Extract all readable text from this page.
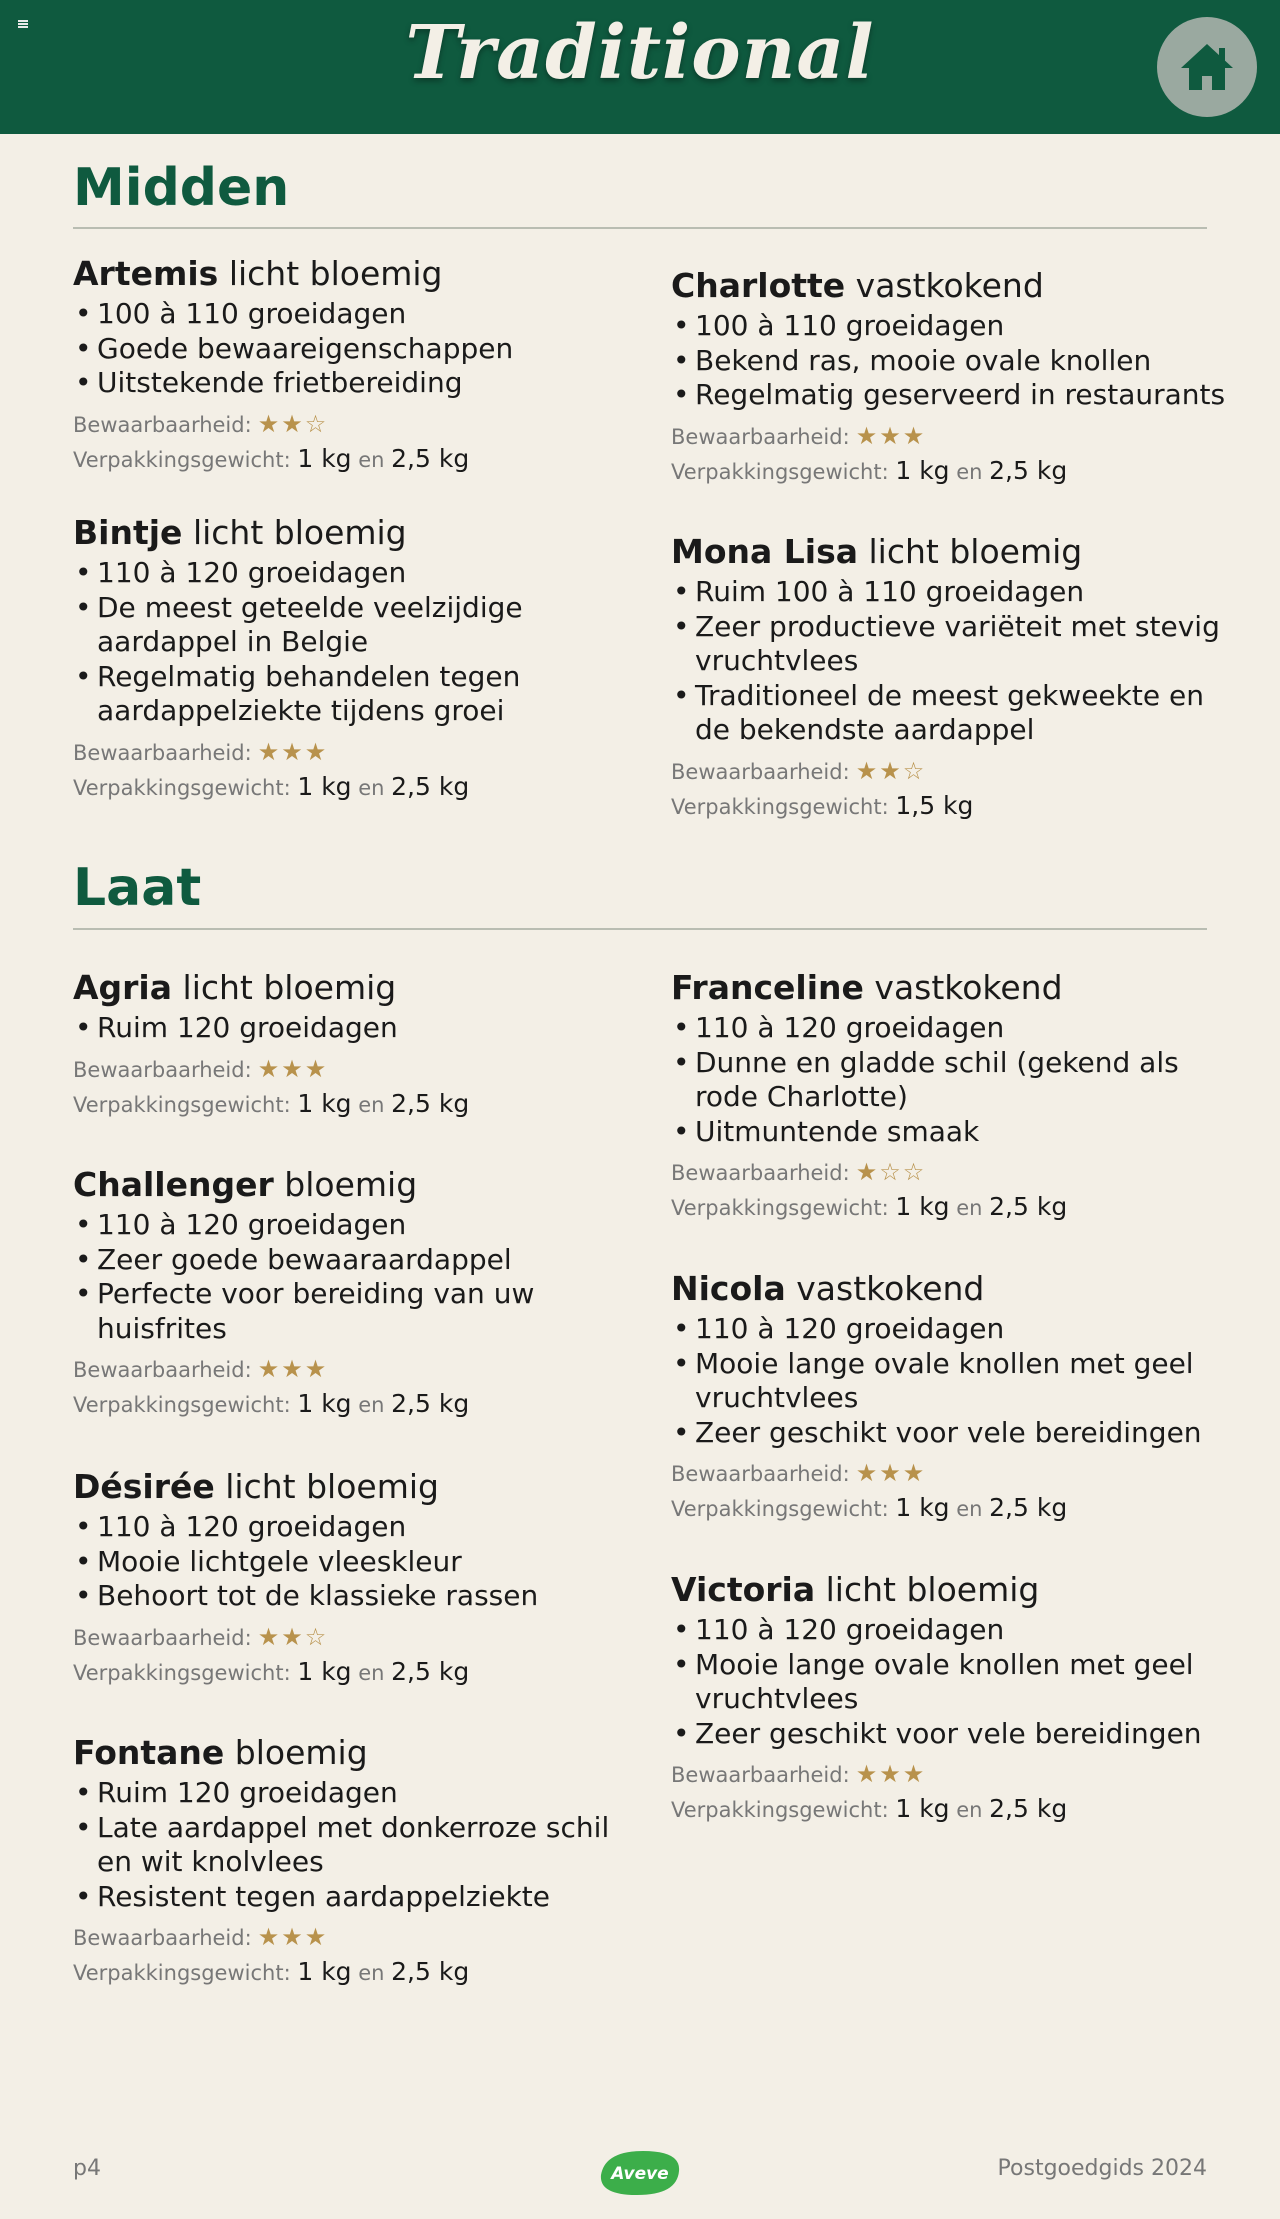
Traditional
Midden
Laat
Artemis licht bloemig
• 100 à 110 groeidagen
• Goede bewaareigenschappen
• Uitstekende frietbereiding
Bewaarbaarheid: ★★☆
Verpakkingsgewicht: 1 kg en 2,5 kg
Charlotte vastkokend
• 100 à 110 groeidagen
• Bekend ras, mooie ovale knollen
• Regelmatig geserveerd in restaurants
Bewaarbaarheid: ★★★
Verpakkingsgewicht: 1 kg en 2,5 kg
Bintje licht bloemig
• 110 à 120 groeidagen
• De meest geteelde veelzijdige aardappel in Belgie
• Regelmatig behandelen tegen aardappelziekte tijdens groei
Bewaarbaarheid: ★★★
Verpakkingsgewicht: 1 kg en 2,5 kg
Mona Lisa licht bloemig
• Ruim 100 à 110 groeidagen
• Zeer productieve variëteit met stevig vruchtvlees
• Traditioneel de meest gekweekte en de bekendste aardappel
Bewaarbaarheid: ★★☆
Verpakkingsgewicht: 1,5 kg
Agria licht bloemig
• Ruim 120 groeidagen
Bewaarbaarheid: ★★★
Verpakkingsgewicht: 1 kg en 2,5 kg
Franceline vastkokend
• 110 à 120 groeidagen
• Dunne en gladde schil (gekend als rode Charlotte)
• Uitmuntende smaak
Bewaarbaarheid: ★☆☆
Verpakkingsgewicht: 1 kg en 2,5 kg
Challenger bloemig
• 110 à 120 groeidagen
• Zeer goede bewaaraardappel
• Perfecte voor bereiding van uw huisfrites
Bewaarbaarheid: ★★★
Verpakkingsgewicht: 1 kg en 2,5 kg
Nicola vastkokend
• 110 à 120 groeidagen
• Mooie lange ovale knollen met geel vruchtvlees
• Zeer geschikt voor vele bereidingen
Bewaarbaarheid: ★★★
Verpakkingsgewicht: 1 kg en 2,5 kg
Désirée licht bloemig
• 110 à 120 groeidagen
• Mooie lichtgele vleeskleur
• Behoort tot de klassieke rassen
Bewaarbaarheid: ★★☆
Verpakkingsgewicht: 1 kg en 2,5 kg
Victoria licht bloemig
• 110 à 120 groeidagen
• Mooie lange ovale knollen met geel vruchtvlees
• Zeer geschikt voor vele bereidingen
Bewaarbaarheid: ★★★
Verpakkingsgewicht: 1 kg en 2,5 kg
Fontane bloemig
• Ruim 120 groeidagen
• Late aardappel met donkerroze schil en wit knolvlees
• Resistent tegen aardappelziekte
Bewaarbaarheid: ★★★
Verpakkingsgewicht: 1 kg en 2,5 kg
p4	Aveve	Postgoedgids 2024
